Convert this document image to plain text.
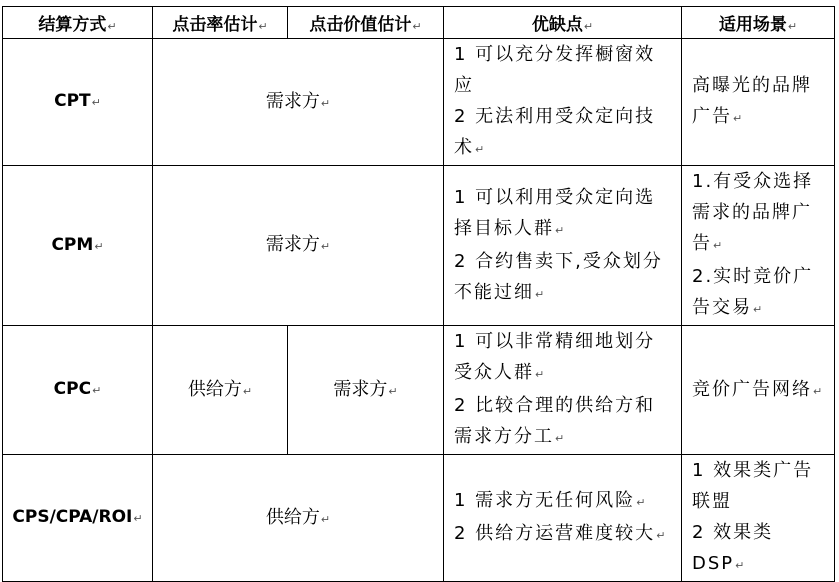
结算方式↵	点击率估计↵	点击价值估计↵	优缺点↵	适用场景↵
CPT↵	需求方↵		1 可以充分发挥橱窗效应
2 无法利用受众定向技术↵	高曝光的品牌广告↵

CPM↵	需求方↵		1 可以利用受众定向选择目标人群↵
2 合约售卖下,受众划分不能过细↵	1.有受众选择需求的品牌广告↵
2.实时竞价广告交易↵

CPC↵	供给方↵	需求方↵	1 可以非常精细地划分受众人群↵
2 比较合理的供给方和需求方分工↵	竞价广告网络↵

CPS/CPA/ROI↵	供给方↵		1 需求方无任何风险↵
2 供给方运营难度较大↵	1 效果类广告联盟
2 效果类 DSP↵
